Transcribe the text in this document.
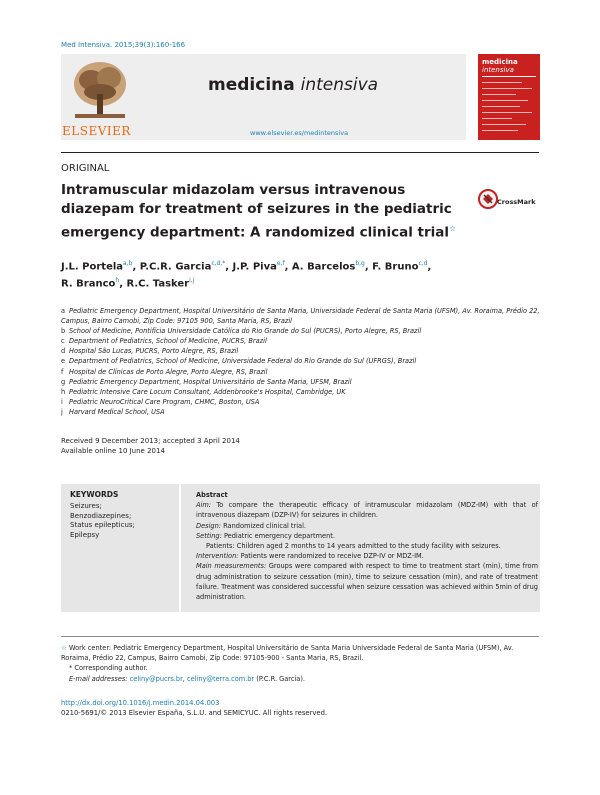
Med Intensiva. 2015;39(3):160-166
ELSEVIER
medicina intensiva
www.elsevier.es/medintensiva
medicina
intensiva
ORIGINAL
Intramuscular midazolam versus intravenous diazepam for treatment of seizures in the pediatric emergency department: A randomized clinical trial☆
CrossMark
J.L. Portela$^{a,b}$, P.C.R. Garcia$^{c,d,*}$, J.P. Piva$^{e,f}$, A. Barcelos$^{b,g}$, F. Bruno$^{c,d}$,
R. Branco$^h$, R.C. Tasker$^{i,j}$
a Pediatric Emergency Department, Hospital Universitário de Santa Maria, Universidade Federal de Santa Maria (UFSM), Av. Roraima, Prédio 22, Campus, Bairro Camobi, Zip Code: 97105 900, Santa Maria, RS, Brazil
b School of Medicine, Pontifícia Universidade Católica do Rio Grande do Sul (PUCRS), Porto Alegre, RS, Brazil
c Department of Pediatrics, School of Medicine, PUCRS, Brazil
d Hospital São Lucas, PUCRS, Porto Alegre, RS, Brazil
e Department of Pediatrics, School of Medicine, Universidade Federal do Rio Grande do Sul (UFRGS), Brazil
f Hospital de Clínicas de Porto Alegre, Porto Alegre, RS, Brazil
g Pediatric Emergency Department, Hospital Universitário de Santa Maria, UFSM, Brazil
h Pediatric Intensive Care Locum Consultant, Addenbrooke's Hospital, Cambridge, UK
i Pediatric NeuroCritical Care Program, CHMC, Boston, USA
j Harvard Medical School, USA
Received 9 December 2013; accepted 3 April 2014
Available online 10 June 2014
KEYWORDS
Seizures;
Benzodiazepines;
Status epilepticus;
Epilepsy

Abstract

Aim: To compare the therapeutic efficacy of intramuscular midazolam (MDZ-IM) with that of intravenous diazepam (DZP-IV) for seizures in children.

Design: Randomized clinical trial.

Setting: Pediatric emergency department.

Patients: Children aged 2 months to 14 years admitted to the study facility with seizures.

Intervention: Patients were randomized to receive DZP-IV or MDZ-IM.

Main measurements: Groups were compared with respect to time to treatment start (min), time from drug administration to seizure cessation (min), time to seizure cessation (min), and rate of treatment failure. Treatment was considered successful when seizure cessation was achieved within 5min of drug administration.

☆ Work center: Pediatric Emergency Department, Hospital Universitário de Santa Maria Universidade Federal de Santa Maria (UFSM), Av. Roraima, Prédio 22, Campus, Bairro Camobi, Zip Code: 97105-900 - Santa Maria, RS, Brazil.
* Corresponding author.
E-mail addresses: celiny@pucrs.br, celiny@terra.com.br (P.C.R. Garcia).
http://dx.doi.org/10.1016/j.medin.2014.04.003
0210-5691/© 2013 Elsevier España, S.L.U. and SEMICYUC. All rights reserved.
